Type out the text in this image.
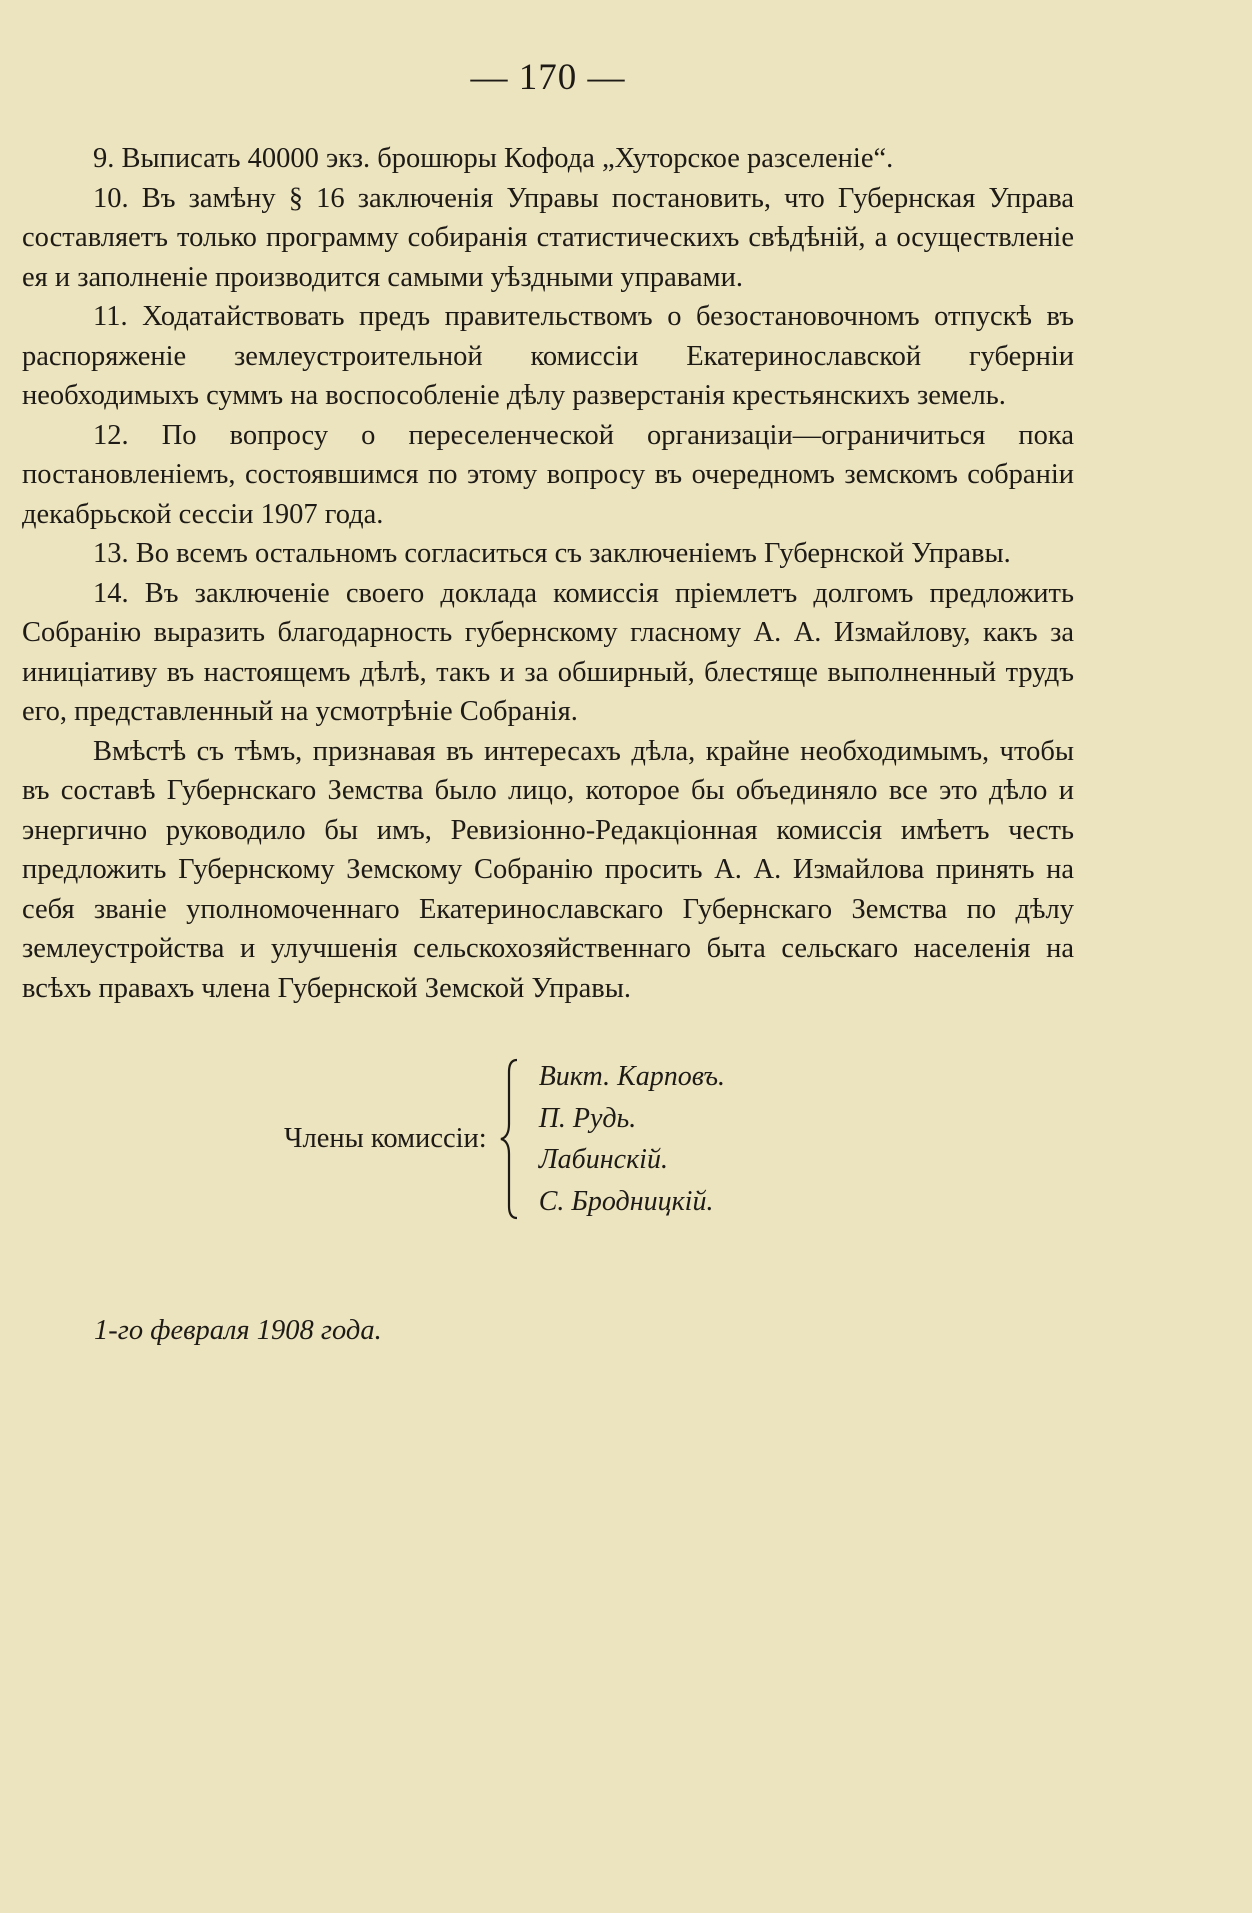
— 170 —

9. Выписать 40000 экз. брошюры Кофода „Хуторское разселеніе“.

10. Въ замѣну § 16 заключенія Управы постановить, что Губернская Управа составляетъ только программу собиранія статистическихъ свѣдѣній, а осуществленіе ея и заполненіе производится самыми уѣздными управами.

11. Ходатайствовать предъ правительствомъ о безостановочномъ отпускѣ въ распоряженіе землеустроительной комиссіи Екатеринославской губерніи необходимыхъ суммъ на воспособленіе дѣлу разверстанія крестьянскихъ земель.

12. По вопросу о переселенческой организаціи—ограничиться пока постановленіемъ, состоявшимся по этому вопросу въ очередномъ земскомъ собраніи декабрьской сессіи 1907 года.

13. Во всемъ остальномъ согласиться съ заключеніемъ Губернской Управы.

14. Въ заключеніе своего доклада комиссія пріемлетъ долгомъ предложить Собранію выразить благодарность губернскому гласному А. А. Измайлову, какъ за иниціативу въ настоящемъ дѣлѣ, такъ и за обширный, блестяще выполненный трудъ его, представленный на усмотрѣніе Собранія.

Вмѣстѣ съ тѣмъ, признавая въ интересахъ дѣла, крайне необходимымъ, чтобы въ составѣ Губернскаго Земства было лицо, которое бы объединяло все это дѣло и энергично руководило бы имъ, Ревизіонно-Редакціонная комиссія имѣетъ честь предложить Губернскому Земскому Собранію просить А. А. Измайлова принять на себя званіе уполномоченнаго Екатеринославскаго Губернскаго Земства по дѣлу землеустройства и улучшенія сельскохозяйственнаго быта сельскаго населенія на всѣхъ правахъ члена Губернской Земской Управы.

Члены комиссіи:
Викт. Карповъ.
П. Рудь.
Лабинскій.
С. Бродницкій.
1-го февраля 1908 года.
